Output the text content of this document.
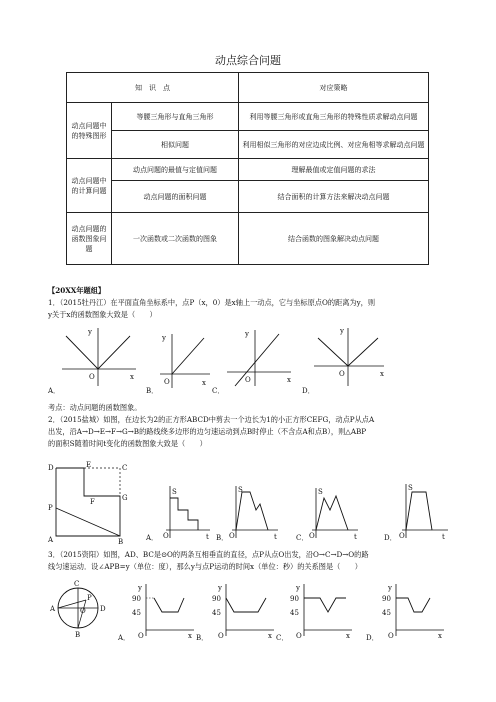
动点综合问题
知　识　点		对应策略
动点问题中的特殊图形	等腰三角形与直角三角形	利用等腰三角形或直角三角形的特殊性质求解动点问题
	相似问题	利用相似三角形的对应边成比例、对应角相等求解动点问题
动点问题中的计算问题	动点问题的最值与定值问题	理解最值或定值问题的求法
	动点问题的面积问题	结合面积的计算方法来解决动点问题
动点问题的函数图象问题	一次函数或二次函数的图象	结合函数的图象解决动点问题
【20XX年题组】
1．（2015牡丹江）在平面直角坐标系中，点P（x，0）是x轴上一动点，它与坐标原点O的距离为y，则
y关于x的函数图象大致是（　　）
O	x
y
A．
O	x
y
B．
O	x
y
C．
O	x
y
D．
考点：动点问题的函数图象。
2．（2015盐城）如图，在边长为2的正方形ABCD中剪去一个边长为1的小正方形CEFG，动点P从点A
出发，沿A→D→E→F→G→B的路线绕多边形的边匀速运动到点B时停止（不含点A和点B），则△ABP
的面积S随着时间t变化的函数图象大致是（　　）
D	E	C
F	G
P
A	B
S
O	t
A．
S
O	t
B．
S
O	t
C．
S
O	t
D．
3．（2015资阳）如图，AD、BC是⊙O的两条互相垂直的直径，点P从点O出发，沿O→C→D→O的路
线匀速运动．设∠APB=y（单位：度），那么y与点P运动的时间x（单位：秒）的关系图是（　　）
C
A	D
O
P
B
y
90
45
O	x
A．
y
90
45
O	x
B．
y
90
45
O	x
C．
y
90
45
O	x
D．
